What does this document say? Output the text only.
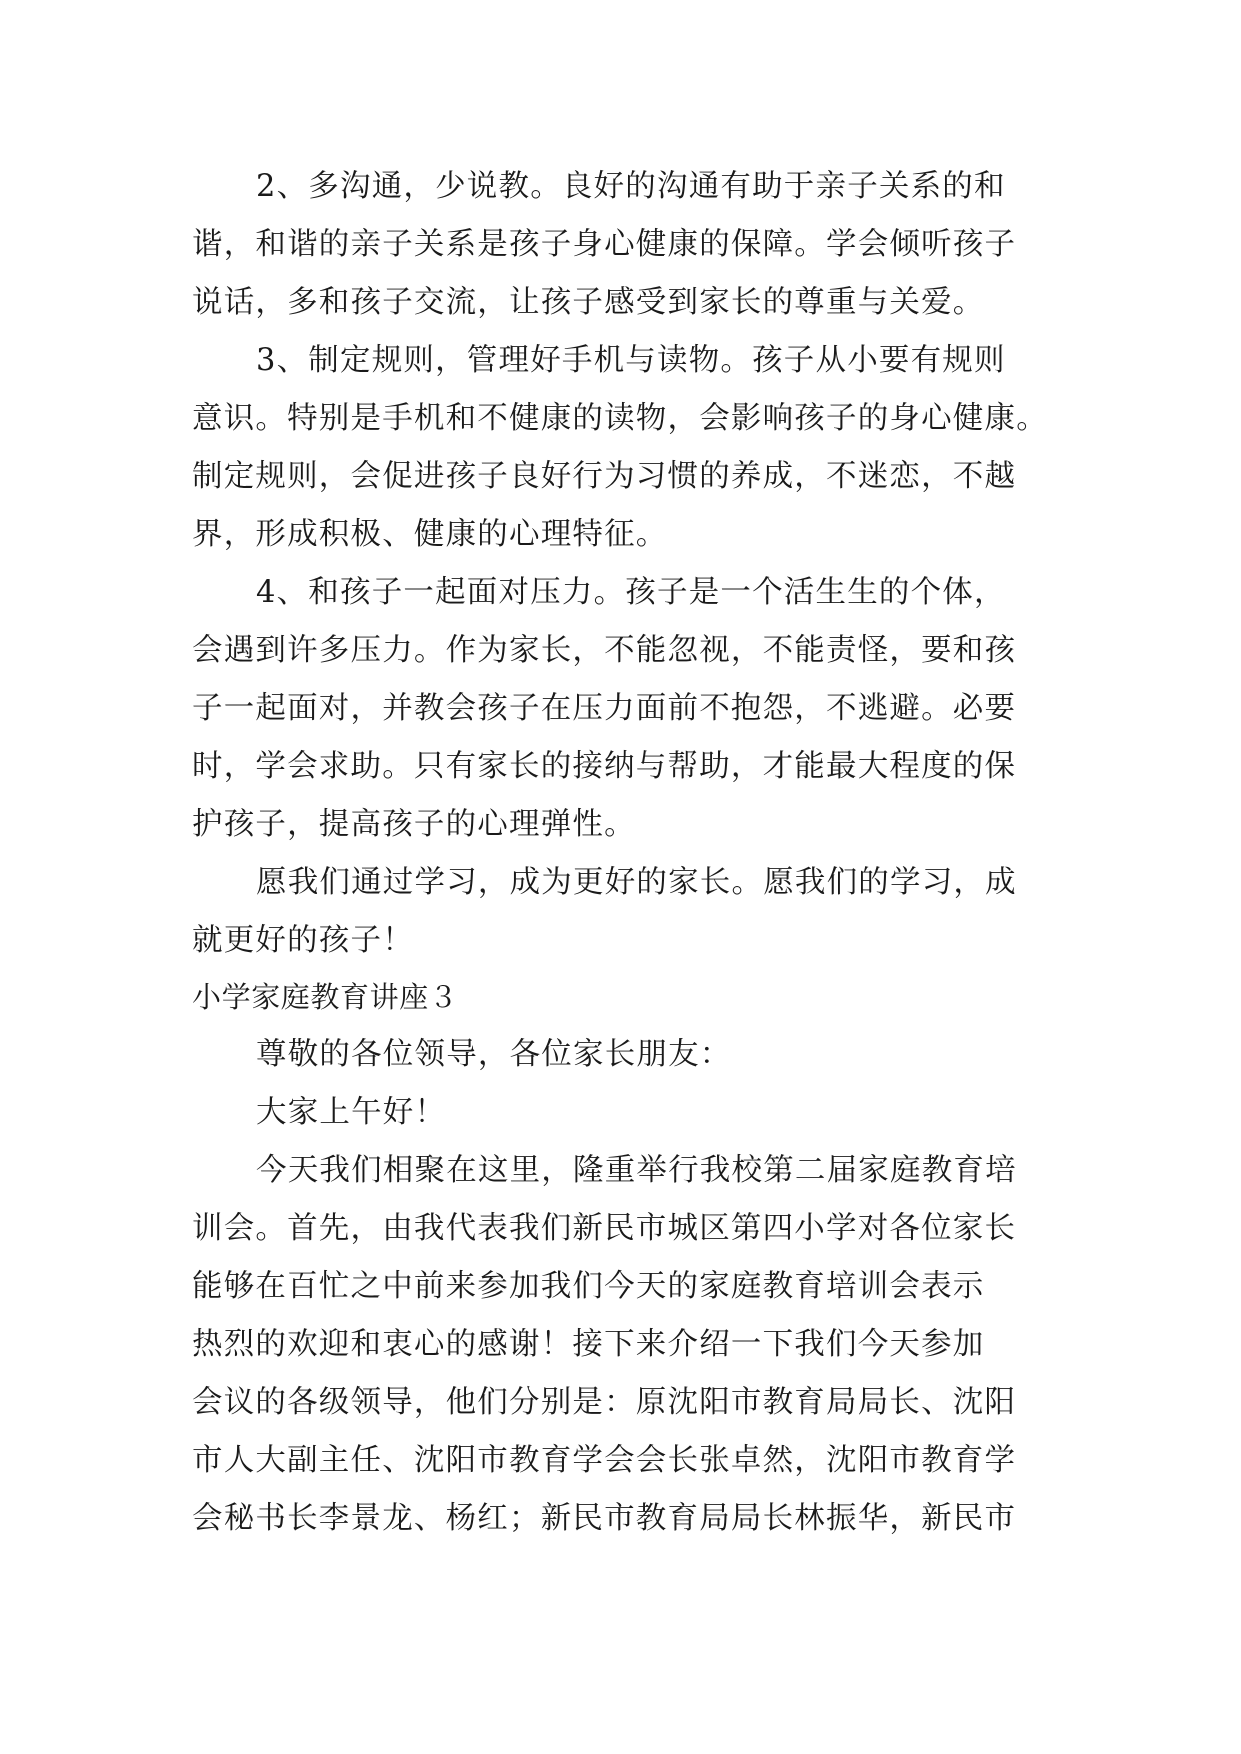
2、多沟通，少说教。良好的沟通有助于亲子关系的和
谐，和谐的亲子关系是孩子身心健康的保障。学会倾听孩子
说话，多和孩子交流，让孩子感受到家长的尊重与关爱。
3、制定规则，管理好手机与读物。孩子从小要有规则
意识。特别是手机和不健康的读物，会影响孩子的身心健康。
制定规则，会促进孩子良好行为习惯的养成，不迷恋，不越
界，形成积极、健康的心理特征。
4、和孩子一起面对压力。孩子是一个活生生的个体，
会遇到许多压力。作为家长，不能忽视，不能责怪，要和孩
子一起面对，并教会孩子在压力面前不抱怨，不逃避。必要
时，学会求助。只有家长的接纳与帮助，才能最大程度的保
护孩子，提高孩子的心理弹性。
愿我们通过学习，成为更好的家长。愿我们的学习，成
就更好的孩子！
小学家庭教育讲座３
尊敬的各位领导，各位家长朋友：
大家上午好！
今天我们相聚在这里，隆重举行我校第二届家庭教育培
训会。首先，由我代表我们新民市城区第四小学对各位家长
能够在百忙之中前来参加我们今天的家庭教育培训会表示
热烈的欢迎和衷心的感谢！接下来介绍一下我们今天参加
会议的各级领导，他们分别是：原沈阳市教育局局长、沈阳
市人大副主任、沈阳市教育学会会长张卓然，沈阳市教育学
会秘书长李景龙、杨红；新民市教育局局长林振华，新民市
